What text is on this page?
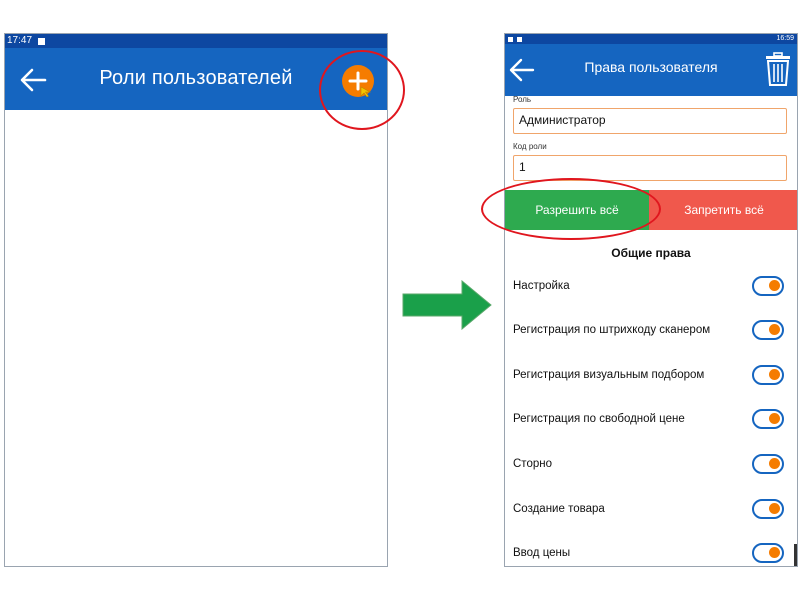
17:47
Роли пользователей
16:59
Права пользователя
Роль
Администратор
Код роли
1
Разрешить всё	Запретить всё
Общие права
Настройка
Регистрация по штрихкоду сканером
Регистрация визуальным подбором
Регистрация по свободной цене
Сторно
Создание товара
Ввод цены
